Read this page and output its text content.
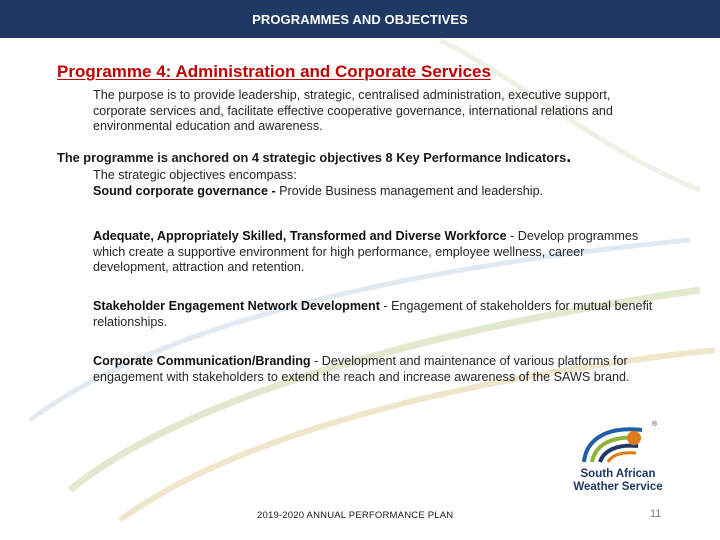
PROGRAMMES AND OBJECTIVES
Programme 4: Administration and Corporate Services
The purpose is to provide leadership, strategic, centralised administration, executive support, corporate services and, facilitate effective cooperative governance, international relations and environmental education and awareness.
The programme is anchored on 4 strategic objectives 8 Key Performance Indicators.
The strategic objectives encompass:
Sound corporate governance - Provide Business management and leadership.
Adequate, Appropriately Skilled, Transformed and Diverse Workforce - Develop programmes which create a supportive environment for high performance, employee wellness, career development, attraction and retention.
Stakeholder Engagement Network Development - Engagement of stakeholders for mutual benefit relationships.
Corporate Communication/Branding - Development and maintenance of various platforms for engagement with stakeholders to extend the reach and increase awareness of the SAWS brand.
®
South African
Weather Service
2019-2020 ANNUAL PERFORMANCE PLAN	11
